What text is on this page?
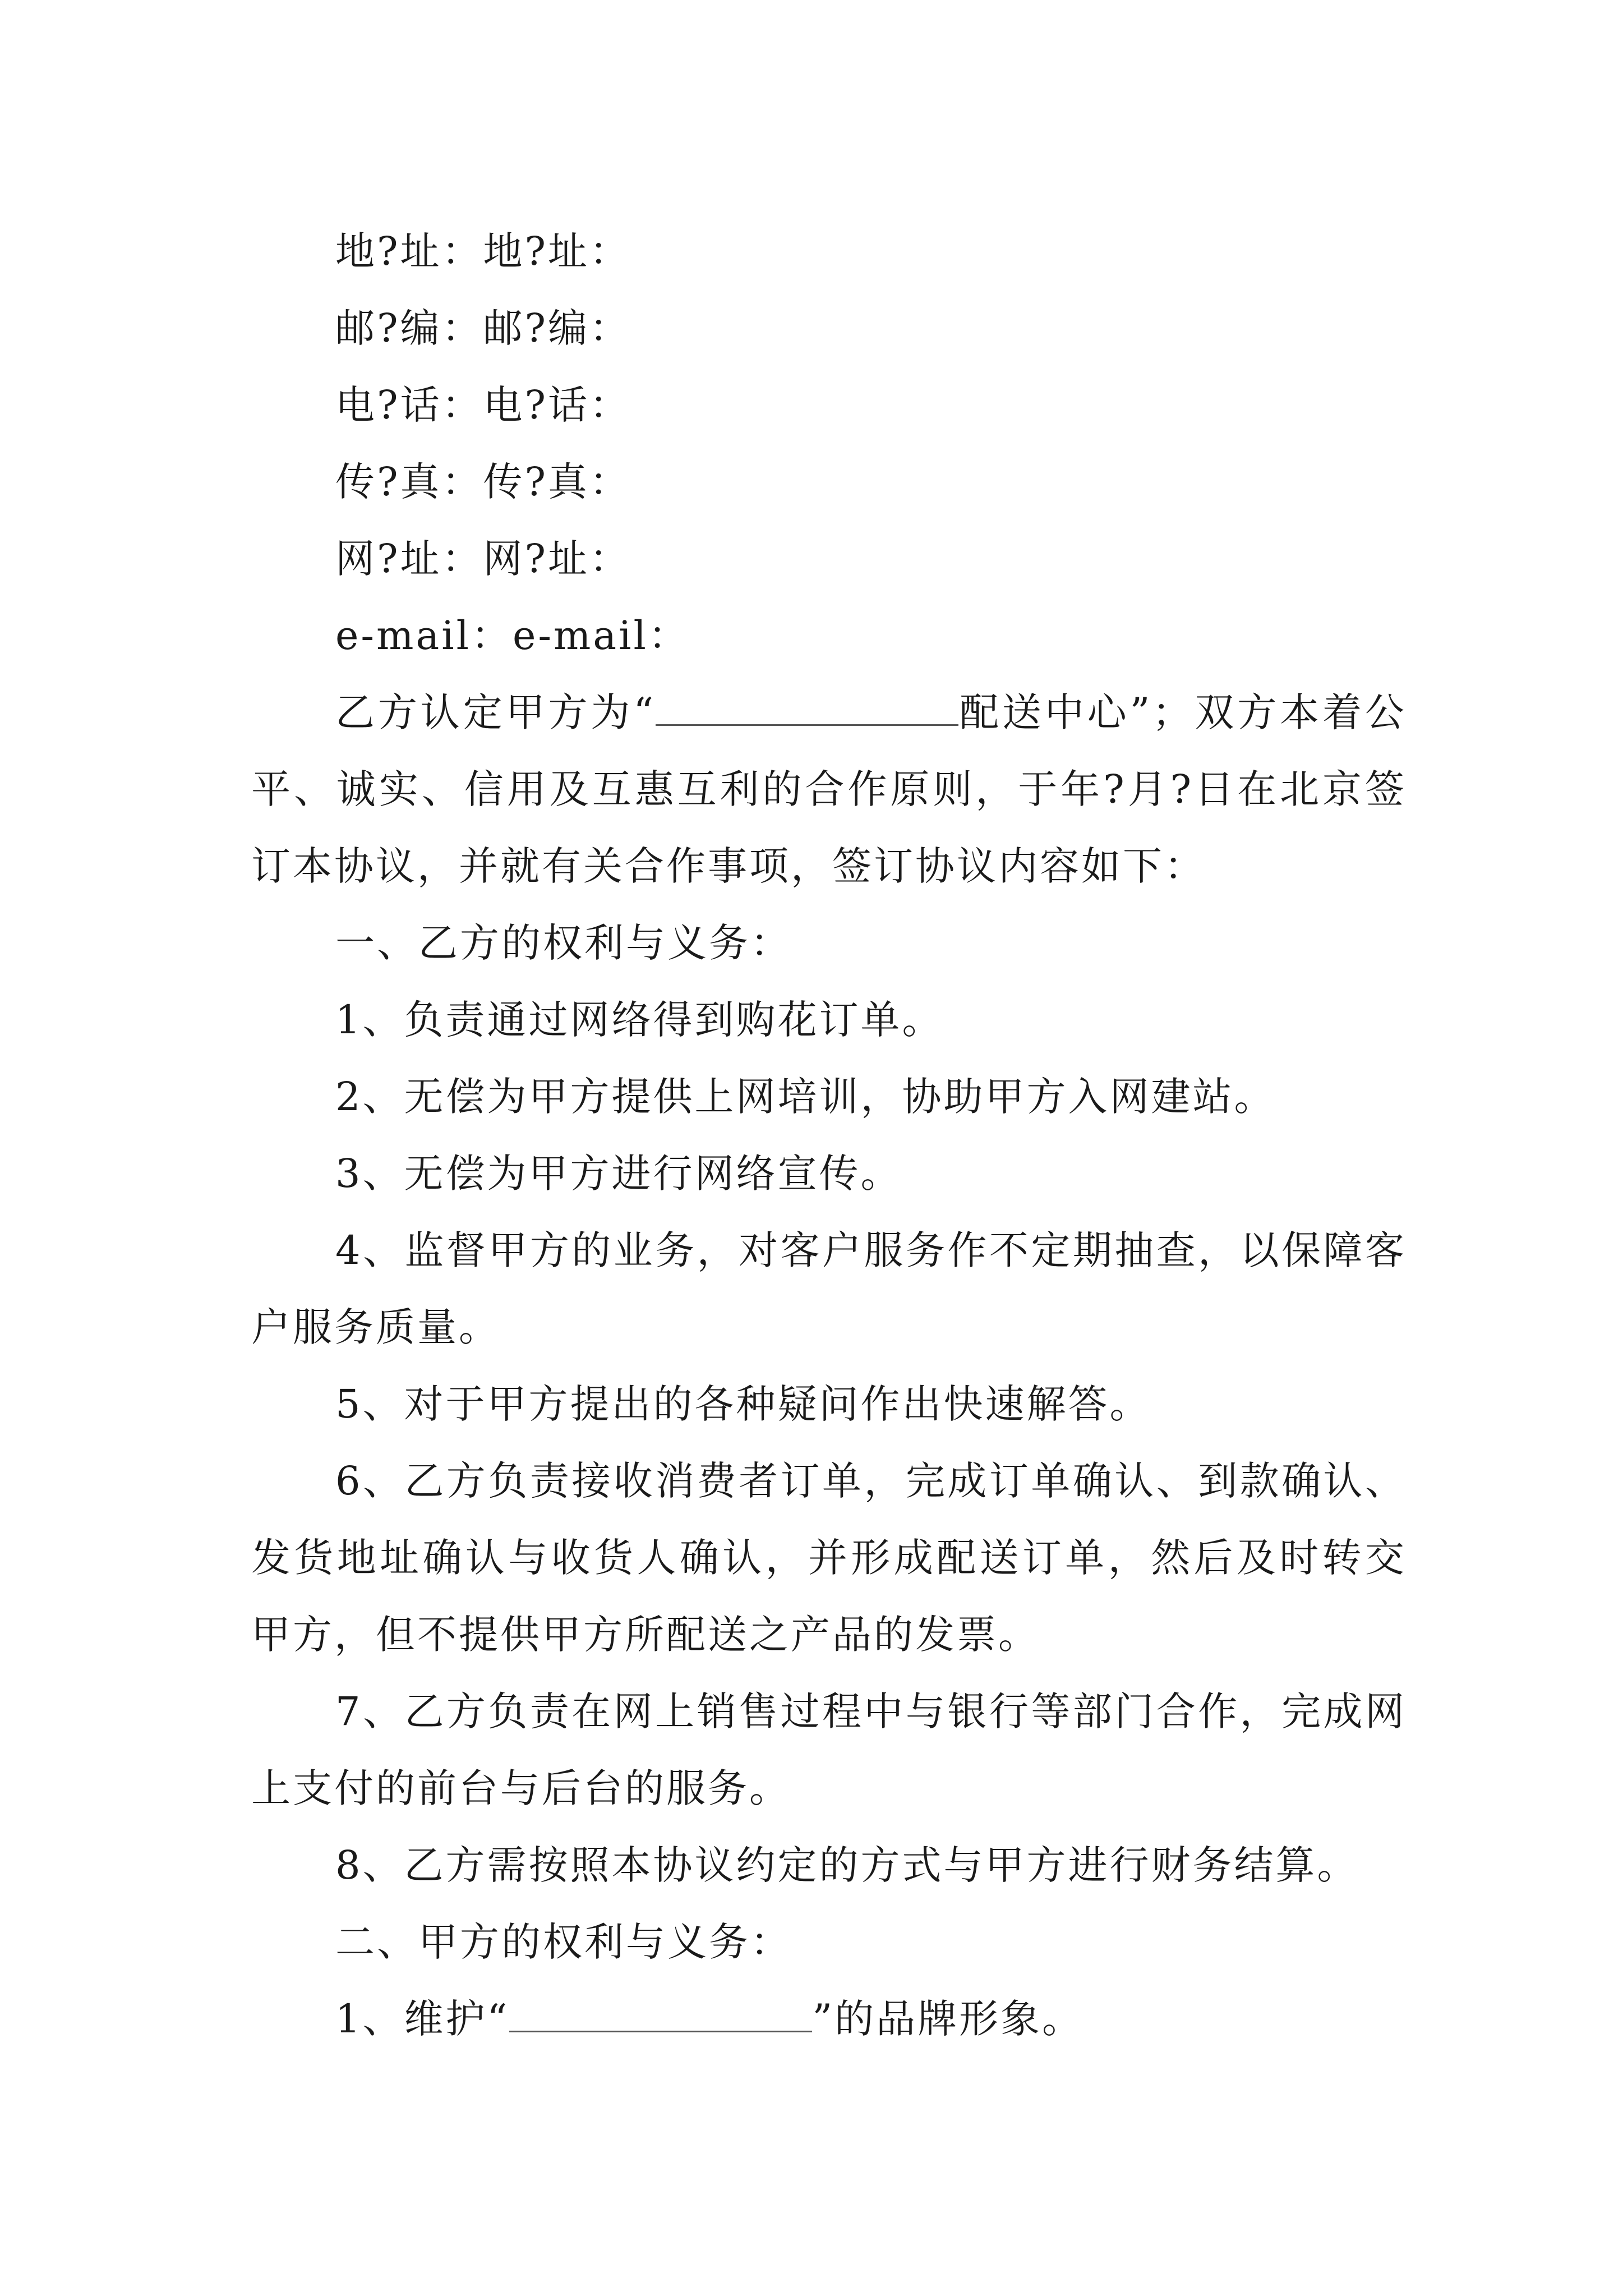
地?址：地?址：
邮?编：邮?编：
电?话：电?话：
传?真：传?真：
网?址：网?址：
e-mail：e-mail：
乙方认定甲方为“	配送中心”；双方本着公平、诚实、信用及互惠互利的合作原则，于年?月?日在北京签订本协议，并就有关合作事项，签订协议内容如下：
一、乙方的权利与义务：
1、负责通过网络得到购花订单。
2、无偿为甲方提供上网培训，协助甲方入网建站。
3、无偿为甲方进行网络宣传。
4、监督甲方的业务，对客户服务作不定期抽查，以保障客户服务质量。
5、对于甲方提出的各种疑问作出快速解答。
6、乙方负责接收消费者订单，完成订单确认、到款确认、发货地址确认与收货人确认，并形成配送订单，然后及时转交甲方，但不提供甲方所配送之产品的发票。
7、乙方负责在网上销售过程中与银行等部门合作，完成网上支付的前台与后台的服务。
8、乙方需按照本协议约定的方式与甲方进行财务结算。
二、甲方的权利与义务：
1、维护“	”的品牌形象。
